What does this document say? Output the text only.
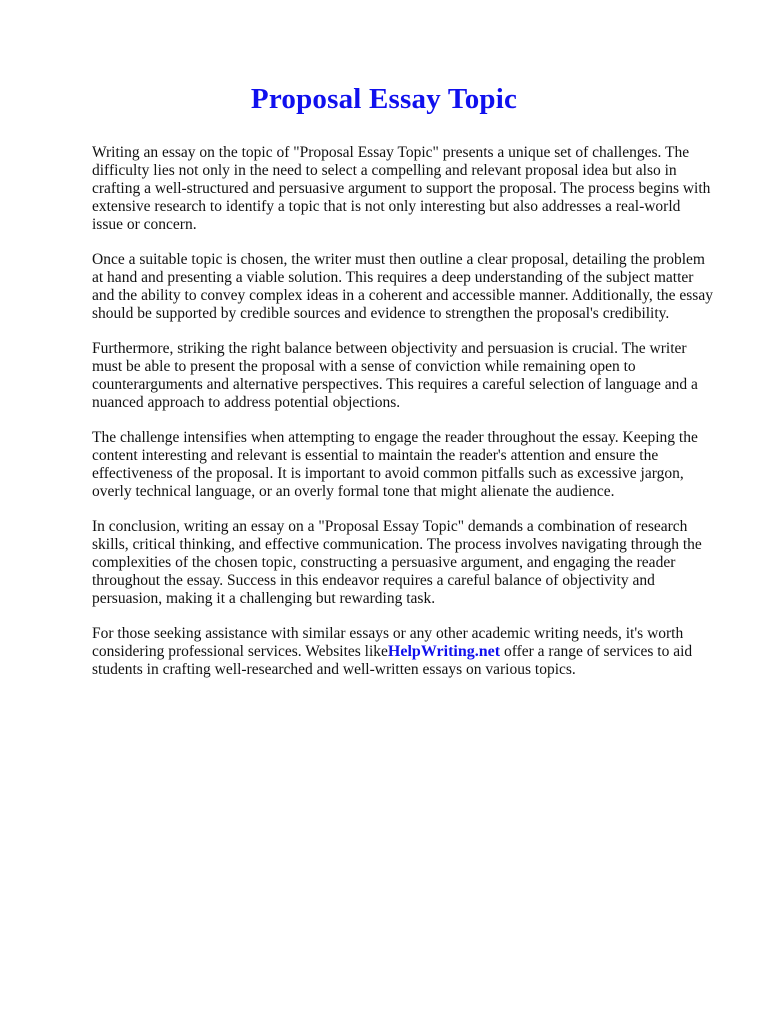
Proposal Essay Topic

Writing an essay on the topic of "Proposal Essay Topic" presents a unique set of challenges. The difficulty lies not only in the need to select a compelling and relevant proposal idea but also in crafting a well-structured and persuasive argument to support the proposal. The process begins with extensive research to identify a topic that is not only interesting but also addresses a real-world issue or concern.

Once a suitable topic is chosen, the writer must then outline a clear proposal, detailing the problem at hand and presenting a viable solution. This requires a deep understanding of the subject matter and the ability to convey complex ideas in a coherent and accessible manner. Additionally, the essay should be supported by credible sources and evidence to strengthen the proposal's credibility.

Furthermore, striking the right balance between objectivity and persuasion is crucial. The writer must be able to present the proposal with a sense of conviction while remaining open to counterarguments and alternative perspectives. This requires a careful selection of language and a nuanced approach to address potential objections.

The challenge intensifies when attempting to engage the reader throughout the essay. Keeping the content interesting and relevant is essential to maintain the reader's attention and ensure the effectiveness of the proposal. It is important to avoid common pitfalls such as excessive jargon, overly technical language, or an overly formal tone that might alienate the audience.

In conclusion, writing an essay on a "Proposal Essay Topic" demands a combination of research skills, critical thinking, and effective communication. The process involves navigating through the complexities of the chosen topic, constructing a persuasive argument, and engaging the reader throughout the essay. Success in this endeavor requires a careful balance of objectivity and persuasion, making it a challenging but rewarding task.

For those seeking assistance with similar essays or any other academic writing needs, it's worth considering professional services. Websites likeHelpWriting.net offer a range of services to aid students in crafting well-researched and well-written essays on various topics.
